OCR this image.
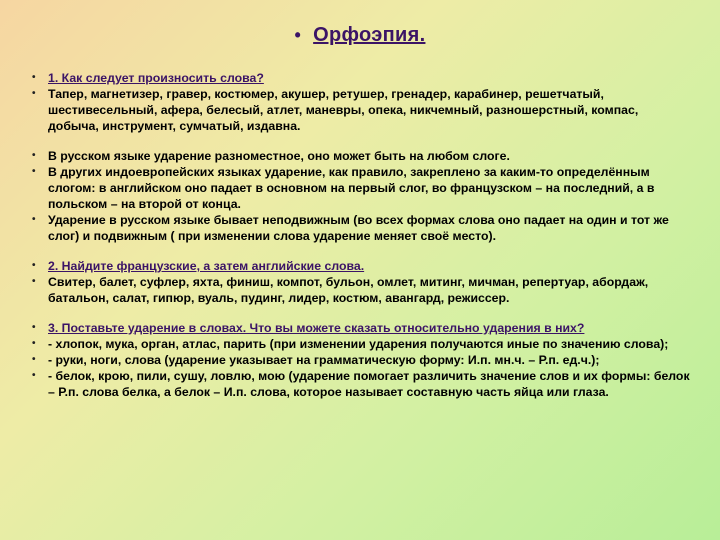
• Орфоэпия.
•	1. Как следует произносить слова?
•	Тапер, магнетизер, гравер, костюмер, акушер, ретушер, гренадер, карабинер, решетчатый, шестивесельный, афера, белесый, атлет, маневры, опека, никчемный, разношерстный, компас, добыча, инструмент, сумчатый, издавна.
•	В русском языке ударение разноместное, оно может быть на любом слоге.
•	В других индоевропейских языках ударение, как правило, закреплено за каким-то определённым слогом: в английском оно падает в основном на первый слог, во французском – на последний, а в польском – на второй от конца.
•	Ударение в русском языке бывает неподвижным (во всех формах слова оно падает на один и тот же слог) и подвижным ( при изменении слова ударение меняет своё место).
•	2. Найдите французские, а затем английские слова.
•	Свитер, балет, суфлер, яхта, финиш, компот, бульон, омлет, митинг, мичман, репертуар, абордаж, батальон, салат, гипюр, вуаль, пудинг, лидер, костюм, авангард, режиссер.
•	3. Поставьте ударение в словах. Что вы можете сказать относительно ударения в них?
•	- хлопок, мука, орган, атлас, парить (при изменении ударения получаются иные по значению слова);
•	- руки, ноги, слова (ударение указывает на грамматическую форму: И.п. мн.ч. – Р.п. ед.ч.);
•	- белок, крою, пили, сушу, ловлю, мою (ударение помогает различить значение слов и их формы: белок – Р.п. слова белка, а белок – И.п. слова, которое называет составную часть яйца или глаза.
